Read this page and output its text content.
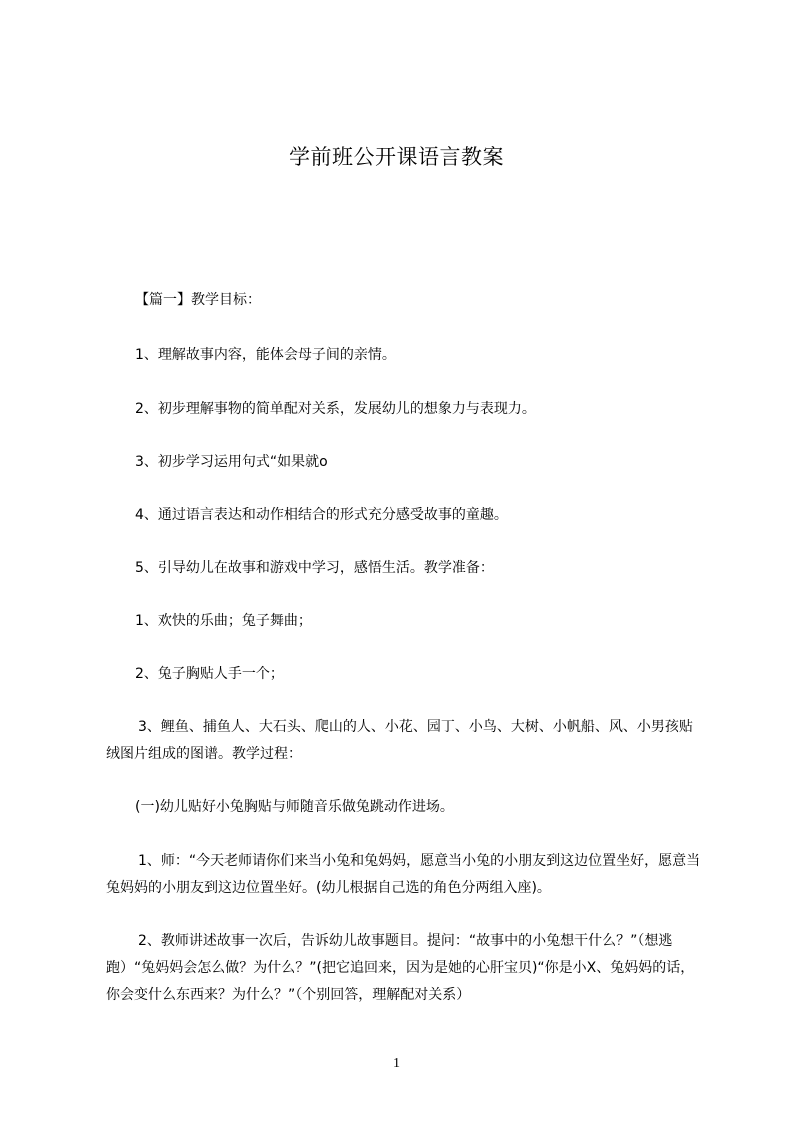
学前班公开课语言教案
【篇一】教学目标：
1、理解故事内容，能体会母子间的亲情。
2、初步理解事物的简单配对关系，发展幼儿的想象力与表现力。
3、初步学习运用句式“如果就o
4、通过语言表达和动作相结合的形式充分感受故事的童趣。
5、引导幼儿在故事和游戏中学习，感悟生活。教学准备：
1、欢快的乐曲；兔子舞曲；
2、兔子胸贴人手一个；
3、鲤鱼、捕鱼人、大石头、爬山的人、小花、园丁、小鸟、大树、小帆船、风、小男孩贴绒图片组成的图谱。教学过程：
(一)幼儿贴好小兔胸贴与师随音乐做兔跳动作进场。
1、师：“今天老师请你们来当小兔和兔妈妈，愿意当小兔的小朋友到这边位置坐好，愿意当兔妈妈的小朋友到这边位置坐好。(幼儿根据自己选的角色分两组入座)。
2、教师讲述故事一次后，告诉幼儿故事题目。提问：“故事中的小兔想干什么？”（想逃跑）“兔妈妈会怎么做？为什么？”(把它追回来，因为是她的心肝宝贝)“你是小X、兔妈妈的话，你会变什么东西来？为什么？”（个别回答，理解配对关系）
1
